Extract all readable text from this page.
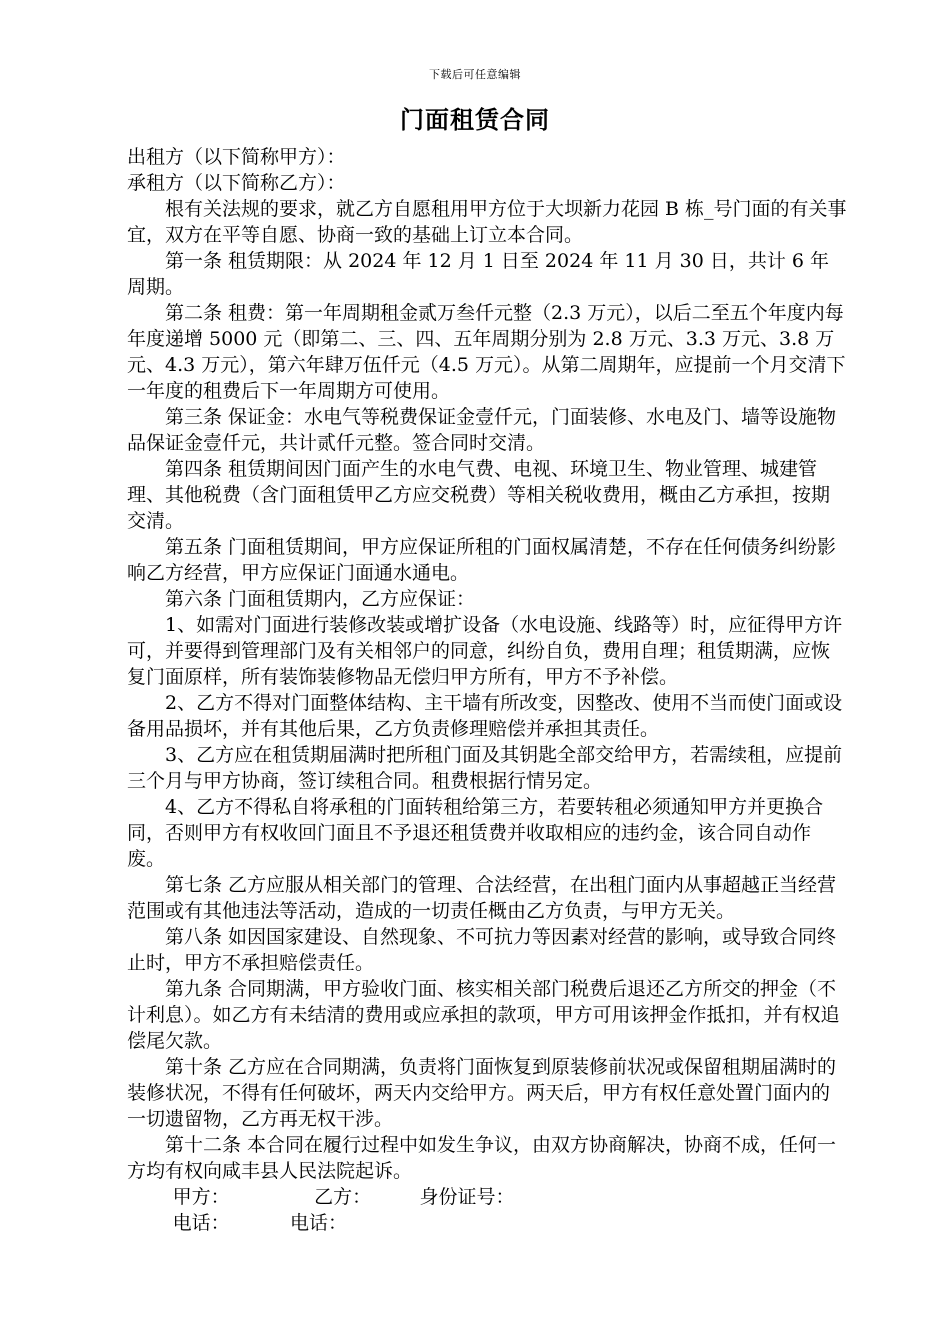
下载后可任意编辑
门面租赁合同

出租方（以下简称甲方）：

承租方（以下简称乙方）：

根有关法规的要求，就乙方自愿租用甲方位于大坝新力花园 B 栋_号门面的有关事宜，双方在平等自愿、协商一致的基础上订立本合同。

第一条 租赁期限：从 2024 年 12 月 1 日至 2024 年 11 月 30 日，共计 6 年周期。

第二条 租费：第一年周期租金贰万叁仟元整（2.3 万元），以后二至五个年度内每年度递增 5000 元（即第二、三、四、五年周期分别为 2.8 万元、3.3 万元、3.8 万元、4.3 万元），第六年肆万伍仟元（4.5 万元）。从第二周期年，应提前一个月交清下一年度的租费后下一年周期方可使用。

第三条 保证金：水电气等税费保证金壹仟元，门面装修、水电及门、墙等设施物品保证金壹仟元，共计贰仟元整。签合同时交清。

第四条 租赁期间因门面产生的水电气费、电视、环境卫生、物业管理、城建管理、其他税费（含门面租赁甲乙方应交税费）等相关税收费用，概由乙方承担，按期交清。

第五条 门面租赁期间，甲方应保证所租的门面权属清楚，不存在任何债务纠纷影响乙方经营，甲方应保证门面通水通电。

第六条 门面租赁期内，乙方应保证：

1、如需对门面进行装修改装或增扩设备（水电设施、线路等）时，应征得甲方许可，并要得到管理部门及有关相邻户的同意，纠纷自负，费用自理；租赁期满，应恢复门面原样，所有装饰装修物品无偿归甲方所有，甲方不予补偿。

2、乙方不得对门面整体结构、主干墙有所改变，因整改、使用不当而使门面或设备用品损坏，并有其他后果，乙方负责修理赔偿并承担其责任。

3、乙方应在租赁期届满时把所租门面及其钥匙全部交给甲方，若需续租，应提前三个月与甲方协商，签订续租合同。租费根据行情另定。

4、乙方不得私自将承租的门面转租给第三方，若要转租必须通知甲方并更换合同，否则甲方有权收回门面且不予退还租赁费并收取相应的违约金，该合同自动作废。

第七条 乙方应服从相关部门的管理、合法经营，在出租门面内从事超越正当经营范围或有其他违法等活动，造成的一切责任概由乙方负责，与甲方无关。

第八条 如因国家建设、自然现象、不可抗力等因素对经营的影响，或导致合同终止时，甲方不承担赔偿责任。

第九条 合同期满，甲方验收门面、核实相关部门税费后退还乙方所交的押金（不计利息）。如乙方有未结清的费用或应承担的款项，甲方可用该押金作抵扣，并有权追偿尾欠款。

第十条 乙方应在合同期满，负责将门面恢复到原装修前状况或保留租期届满时的装修状况，不得有任何破坏，两天内交给甲方。两天后，甲方有权任意处置门面内的一切遗留物，乙方再无权干涉。

第十二条 本合同在履行过程中如发生争议，由双方协商解决，协商不成，任何一方均有权向咸丰县人民法院起诉。

甲方：	乙方：	身份证号：
电话：	电话：
